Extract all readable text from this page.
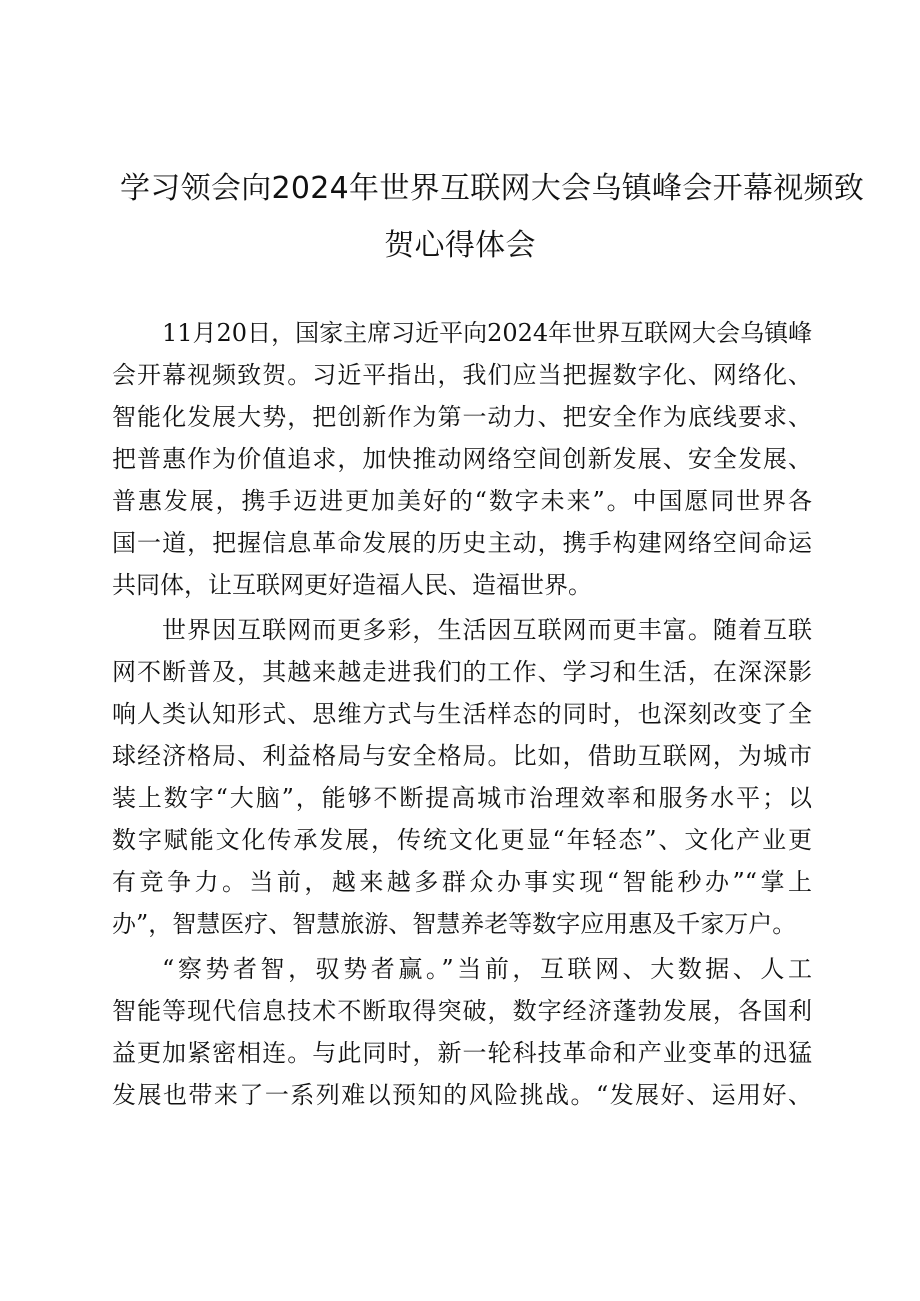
学习领会向2024年世界互联网大会乌镇峰会开幕视频致
贺心得体会
11月20日，国家主席习近平向2024年世界互联网大会乌镇峰
会开幕视频致贺。习近平指出，我们应当把握数字化、网络化、
智能化发展大势，把创新作为第一动力、把安全作为底线要求、
把普惠作为价值追求，加快推动网络空间创新发展、安全发展、
普惠发展，携手迈进更加美好的“数字未来”。中国愿同世界各
国一道，把握信息革命发展的历史主动，携手构建网络空间命运
共同体，让互联网更好造福人民、造福世界。
世界因互联网而更多彩，生活因互联网而更丰富。随着互联
网不断普及，其越来越走进我们的工作、学习和生活，在深深影
响人类认知形式、思维方式与生活样态的同时，也深刻改变了全
球经济格局、利益格局与安全格局。比如，借助互联网，为城市
装上数字“大脑”，能够不断提高城市治理效率和服务水平；以
数字赋能文化传承发展，传统文化更显“年轻态”、文化产业更
有竞争力。当前，越来越多群众办事实现“智能秒办”“掌上
办”，智慧医疗、智慧旅游、智慧养老等数字应用惠及千家万户。
“察势者智，驭势者赢。”当前，互联网、大数据、人工
智能等现代信息技术不断取得突破，数字经济蓬勃发展，各国利
益更加紧密相连。与此同时，新一轮科技革命和产业变革的迅猛
发展也带来了一系列难以预知的风险挑战。“发展好、运用好、
